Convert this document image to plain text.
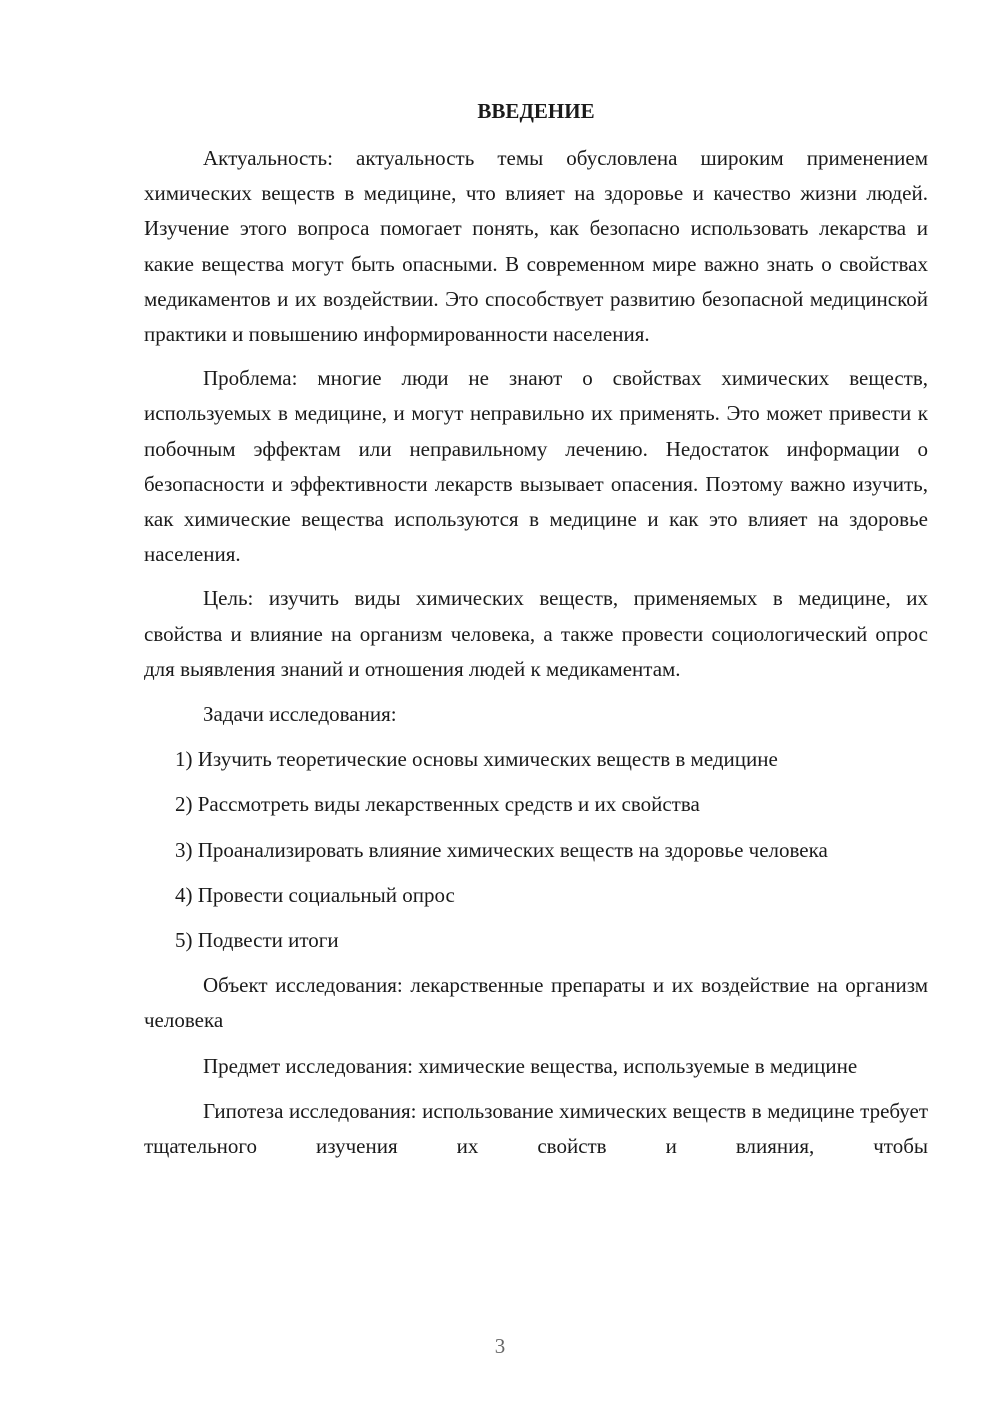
ВВЕДЕНИЕ

Актуальность: актуальность темы обусловлена широким применением химических веществ в медицине, что влияет на здоровье и качество жизни людей. Изучение этого вопроса помогает понять, как безопасно использовать лекарства и какие вещества могут быть опасными. В современном мире важно знать о свойствах медикаментов и их воздействии. Это способствует развитию безопасной медицинской практики и повышению информированности населения.

Проблема: многие люди не знают о свойствах химических веществ, используемых в медицине, и могут неправильно их применять. Это может привести к побочным эффектам или неправильному лечению. Недостаток информации о безопасности и эффективности лекарств вызывает опасения. Поэтому важно изучить, как химические вещества используются в медицине и как это влияет на здоровье населения.

Цель: изучить виды химических веществ, применяемых в медицине, их свойства и влияние на организм человека, а также провести социологический опрос для выявления знаний и отношения людей к медикаментам.

Задачи исследования:

1) Изучить теоретические основы химических веществ в медицине

2) Рассмотреть виды лекарственных средств и их свойства

3) Проанализировать влияние химических веществ на здоровье человека

4) Провести социальный опрос

5) Подвести итоги

Объект исследования: лекарственные препараты и их воздействие на организм человека

Предмет исследования: химические вещества, используемые в медицине

Гипотеза исследования: использование химических веществ в медицине требует тщательного изучения их свойств и влияния, чтобы

3
